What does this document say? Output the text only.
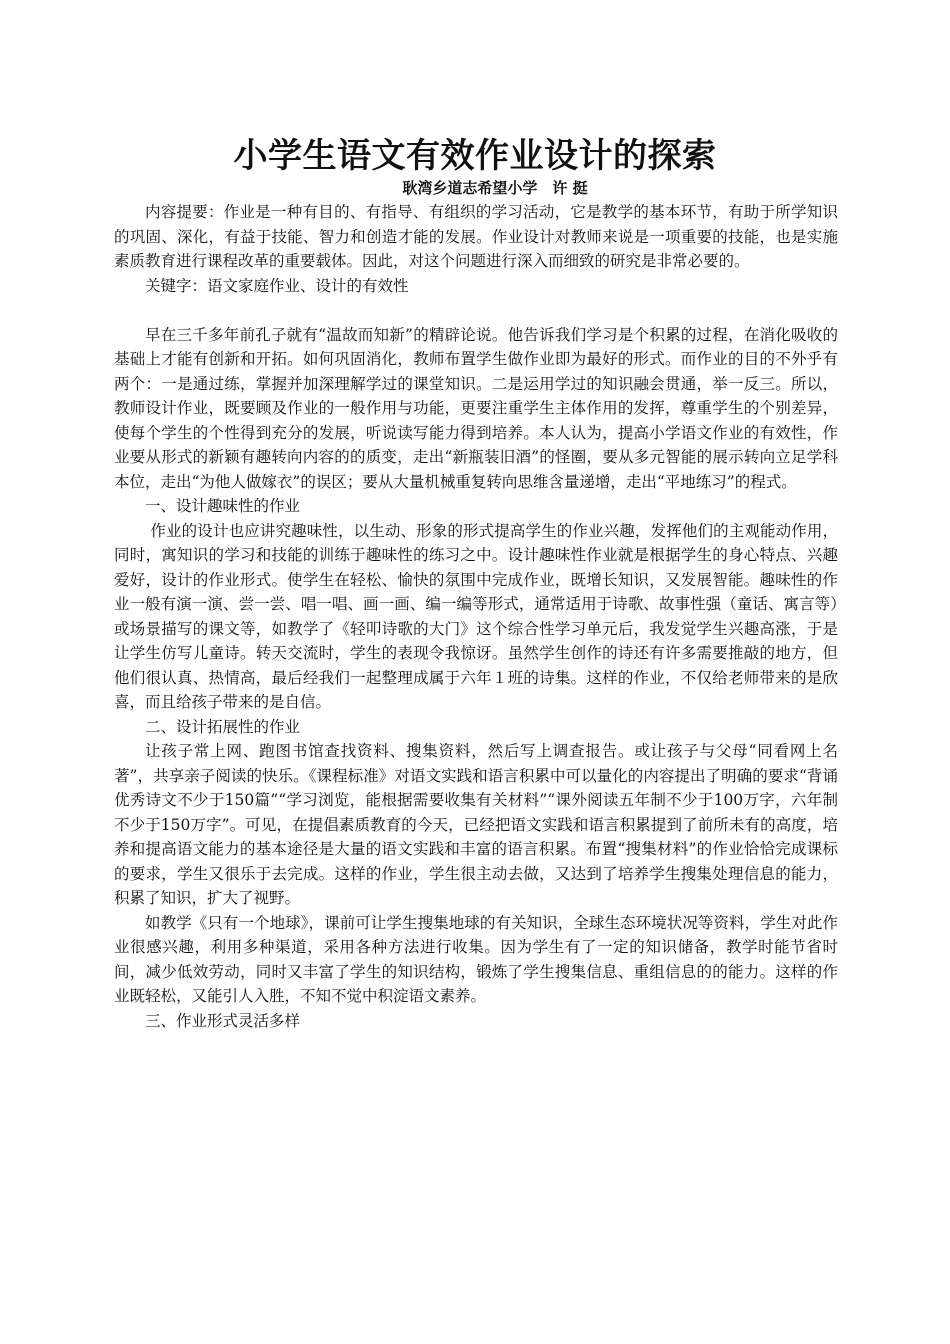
小学生语文有效作业设计的探索
耿湾乡道志希望小学　许 挺

内容提要：作业是一种有目的、有指导、有组织的学习活动，它是教学的基本环节，有助于所学知识的巩固、深化，有益于技能、智力和创造才能的发展。作业设计对教师来说是一项重要的技能，也是实施素质教育进行课程改革的重要载体。因此，对这个问题进行深入而细致的研究是非常必要的。

关键字：语文家庭作业、设计的有效性

早在三千多年前孔子就有“温故而知新”的精辟论说。他告诉我们学习是个积累的过程，在消化吸收的基础上才能有创新和开拓。如何巩固消化，教师布置学生做作业即为最好的形式。而作业的目的不外乎有两个：一是通过练，掌握并加深理解学过的课堂知识。二是运用学过的知识融会贯通，举一反三。所以，教师设计作业，既要顾及作业的一般作用与功能，更要注重学生主体作用的发挥，尊重学生的个别差异，使每个学生的个性得到充分的发展，听说读写能力得到培养。本人认为，提高小学语文作业的有效性，作业要从形式的新颖有趣转向内容的的质变，走出“新瓶装旧酒”的怪圈，要从多元智能的展示转向立足学科本位，走出“为他人做嫁衣”的误区；要从大量机械重复转向思维含量递增，走出“平地练习”的程式。

一、设计趣味性的作业

作业的设计也应讲究趣味性，以生动、形象的形式提高学生的作业兴趣，发挥他们的主观能动作用，同时，寓知识的学习和技能的训练于趣味性的练习之中。设计趣味性作业就是根据学生的身心特点、兴趣爱好，设计的作业形式。使学生在轻松、愉快的氛围中完成作业，既增长知识，又发展智能。趣味性的作业一般有演一演、尝一尝、唱一唱、画一画、编一编等形式，通常适用于诗歌、故事性强（童话、寓言等）或场景描写的课文等，如教学了《轻叩诗歌的大门》这个综合性学习单元后，我发觉学生兴趣高涨，于是让学生仿写儿童诗。转天交流时，学生的表现令我惊讶。虽然学生创作的诗还有许多需要推敲的地方，但他们很认真、热情高，最后经我们一起整理成属于六年１班的诗集。这样的作业，不仅给老师带来的是欣喜，而且给孩子带来的是自信。

二、设计拓展性的作业

让孩子常上网、跑图书馆查找资料、搜集资料，然后写上调查报告。或让孩子与父母“同看网上名著”，共享亲子阅读的快乐。《课程标准》对语文实践和语言积累中可以量化的内容提出了明确的要求“背诵优秀诗文不少于150篇”“学习浏览，能根据需要收集有关材料”“课外阅读五年制不少于100万字，六年制不少于150万字”。可见，在提倡素质教育的今天，已经把语文实践和语言积累提到了前所未有的高度，培养和提高语文能力的基本途径是大量的语文实践和丰富的语言积累。布置“搜集材料”的作业恰恰完成课标的要求，学生又很乐于去完成。这样的作业，学生很主动去做，又达到了培养学生搜集处理信息的能力，积累了知识，扩大了视野。

如教学《只有一个地球》，课前可让学生搜集地球的有关知识，全球生态环境状况等资料，学生对此作业很感兴趣，利用多种渠道，采用各种方法进行收集。因为学生有了一定的知识储备，教学时能节省时间，减少低效劳动，同时又丰富了学生的知识结构，锻炼了学生搜集信息、重组信息的的能力。这样的作业既轻松，又能引人入胜，不知不觉中积淀语文素养。

三、作业形式灵活多样
